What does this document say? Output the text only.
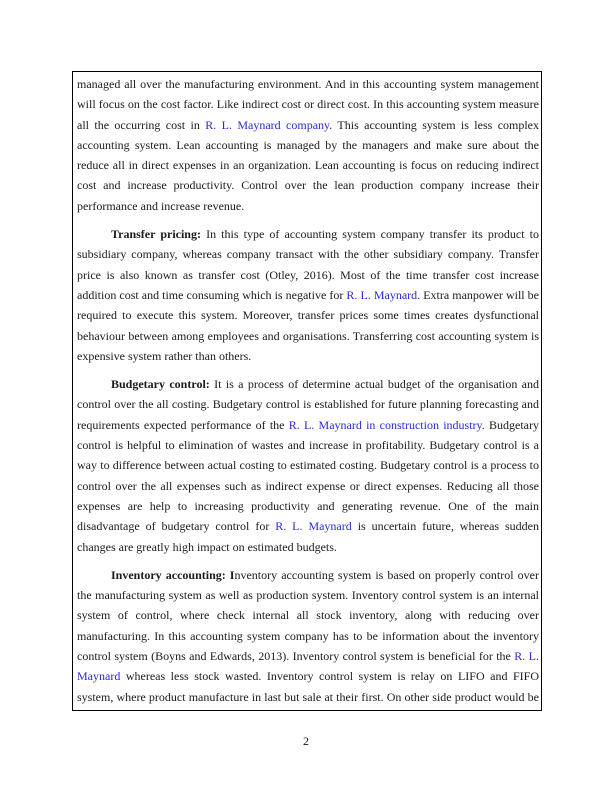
managed all over the manufacturing environment. And in this accounting system management
will focus on the cost factor. Like indirect cost or direct cost. In this accounting system measure
all the occurring cost in R. L. Maynard company. This accounting system is less complex
accounting system. Lean accounting is managed by the managers and make sure about the
reduce all in direct expenses in an organization. Lean accounting is focus on reducing indirect
cost and increase productivity. Control over the lean production company increase their
performance and increase revenue.
Transfer pricing: In this type of accounting system company transfer its product to
subsidiary company, whereas company transact with the other subsidiary company. Transfer
price is also known as transfer cost (Otley, 2016). Most of the time transfer cost increase
addition cost and time consuming which is negative for R. L. Maynard. Extra manpower will be
required to execute this system. Moreover, transfer prices some times creates dysfunctional
behaviour between among employees and organisations. Transferring cost accounting system is
expensive system rather than others.
Budgetary control: It is a process of determine actual budget of the organisation and
control over the all costing. Budgetary control is established for future planning forecasting and
requirements expected performance of the R. L. Maynard in construction industry. Budgetary
control is helpful to elimination of wastes and increase in profitability. Budgetary control is a
way to difference between actual costing to estimated costing. Budgetary control is a process to
control over the all expenses such as indirect expense or direct expenses. Reducing all those
expenses are help to increasing productivity and generating revenue. One of the main
disadvantage of budgetary control for R. L. Maynard is uncertain future, whereas sudden
changes are greatly high impact on estimated budgets.
Inventory accounting: Inventory accounting system is based on properly control over
the manufacturing system as well as production system. Inventory control system is an internal
system of control, where check internal all stock inventory, along with reducing over
manufacturing. In this accounting system company has to be information about the inventory
control system (Boyns and Edwards, 2013). Inventory control system is beneficial for the R. L.
Maynard whereas less stock wasted. Inventory control system is relay on LIFO and FIFO
system, where product manufacture in last but sale at their first. On other side product would be
2
